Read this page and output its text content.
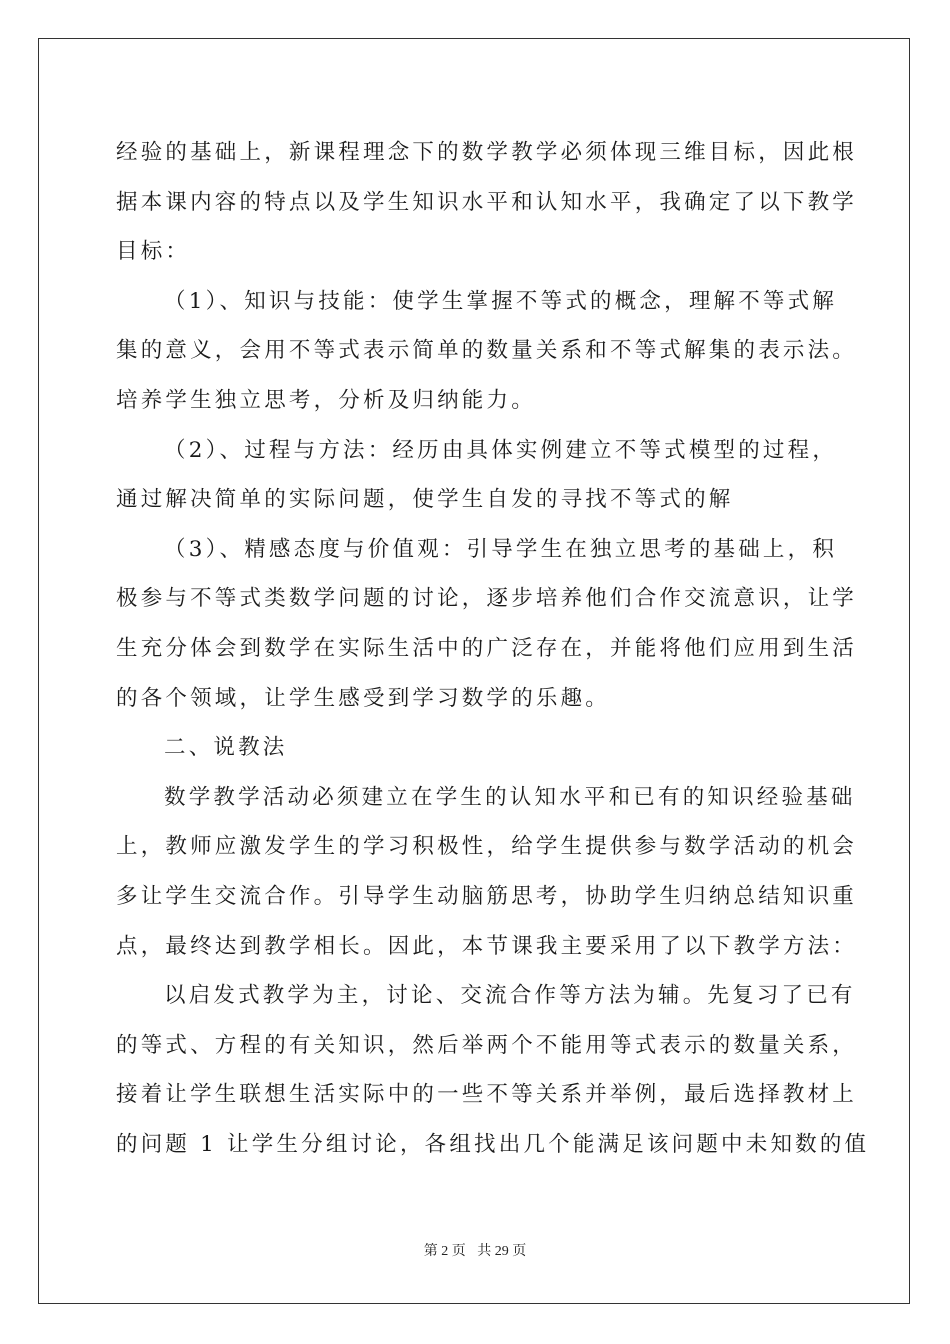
经验的基础上，新课程理念下的数学教学必须体现三维目标，因此根
据本课内容的特点以及学生知识水平和认知水平，我确定了以下教学
目标：
（1）、知识与技能：使学生掌握不等式的概念，理解不等式解
集的意义，会用不等式表示简单的数量关系和不等式解集的表示法。
培养学生独立思考，分析及归纳能力。
（2）、过程与方法：经历由具体实例建立不等式模型的过程，
通过解决简单的实际问题，使学生自发的寻找不等式的解
（3）、精感态度与价值观：引导学生在独立思考的基础上，积
极参与不等式类数学问题的讨论，逐步培养他们合作交流意识，让学
生充分体会到数学在实际生活中的广泛存在，并能将他们应用到生活
的各个领域，让学生感受到学习数学的乐趣。
二、说教法
数学教学活动必须建立在学生的认知水平和已有的知识经验基础
上，教师应激发学生的学习积极性，给学生提供参与数学活动的机会
多让学生交流合作。引导学生动脑筋思考，协助学生归纳总结知识重
点，最终达到教学相长。因此，本节课我主要采用了以下教学方法：
以启发式教学为主，讨论、交流合作等方法为辅。先复习了已有
的等式、方程的有关知识，然后举两个不能用等式表示的数量关系，
接着让学生联想生活实际中的一些不等关系并举例，最后选择教材上
的问题 1 让学生分组讨论，各组找出几个能满足该问题中未知数的值
第 2 页 共 29 页
